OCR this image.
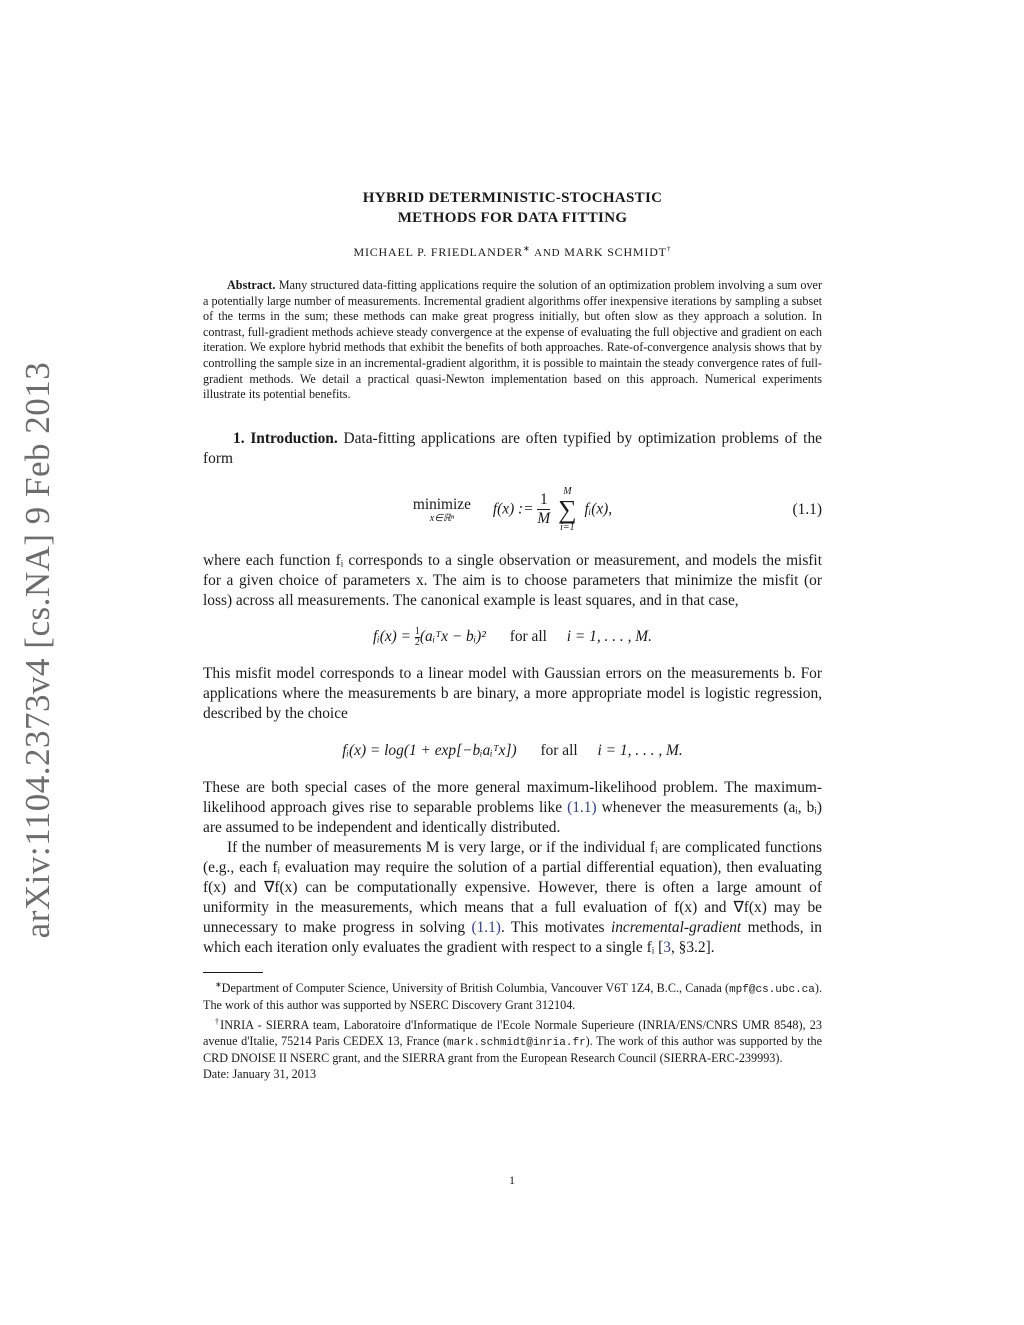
arXiv:1104.2373v4 [cs.NA] 9 Feb 2013
HYBRID DETERMINISTIC-STOCHASTIC
METHODS FOR DATA FITTING
MICHAEL P. FRIEDLANDER∗ AND MARK SCHMIDT†
Abstract. Many structured data-fitting applications require the solution of an optimization problem involving a sum over a potentially large number of measurements. Incremental gradient algorithms offer inexpensive iterations by sampling a subset of the terms in the sum; these methods can make great progress initially, but often slow as they approach a solution. In contrast, full-gradient methods achieve steady convergence at the expense of evaluating the full objective and gradient on each iteration. We explore hybrid methods that exhibit the benefits of both approaches. Rate-of-convergence analysis shows that by controlling the sample size in an incremental-gradient algorithm, it is possible to maintain the steady convergence rates of full-gradient methods. We detail a practical quasi-Newton implementation based on this approach. Numerical experiments illustrate its potential benefits.
1. Introduction. Data-fitting applications are often typified by optimization problems of the form
minimize
x∈ℝⁿ
f(x) := $\frac{1}{M}$
	M
∑
i=1
fᵢ(x),	(1.1)
where each function fᵢ corresponds to a single observation or measurement, and models the misfit for a given choice of parameters x. The aim is to choose parameters that minimize the misfit (or loss) across all measurements. The canonical example is least squares, and in that case,
fᵢ(x) = $\frac{1}{2}(aᵢᵀx$ − bᵢ)² for all i = 1, . . . , M.
This misfit model corresponds to a linear model with Gaussian errors on the measurements b. For applications where the measurements b are binary, a more appropriate model is logistic regression, described by the choice
fᵢ(x) = log(1 + exp[−bᵢaᵢᵀx]) for all i = 1, . . . , M.
These are both special cases of the more general maximum-likelihood problem. The maximum-likelihood approach gives rise to separable problems like (1.1) whenever the measurements (aᵢ, bᵢ) are assumed to be independent and identically distributed.
If the number of measurements M is very large, or if the individual fᵢ are complicated functions (e.g., each fᵢ evaluation may require the solution of a partial differential equation), then evaluating f(x) and ∇f(x) can be computationally expensive. However, there is often a large amount of uniformity in the measurements, which means that a full evaluation of f(x) and ∇f(x) may be unnecessary to make progress in solving (1.1). This motivates incremental-gradient methods, in which each iteration only evaluates the gradient with respect to a single fᵢ [3, §3.2].
∗Department of Computer Science, University of British Columbia, Vancouver V6T 1Z4, B.C., Canada (mpf@cs.ubc.ca). The work of this author was supported by NSERC Discovery Grant 312104.
†INRIA - SIERRA team, Laboratoire d'Informatique de l'Ecole Normale Superieure (INRIA/ENS/CNRS UMR 8548), 23 avenue d'Italie, 75214 Paris CEDEX 13, France (mark.schmidt@inria.fr). The work of this author was supported by the CRD DNOISE II NSERC grant, and the SIERRA grant from the European Research Council (SIERRA-ERC-239993).
Date: January 31, 2013
1
